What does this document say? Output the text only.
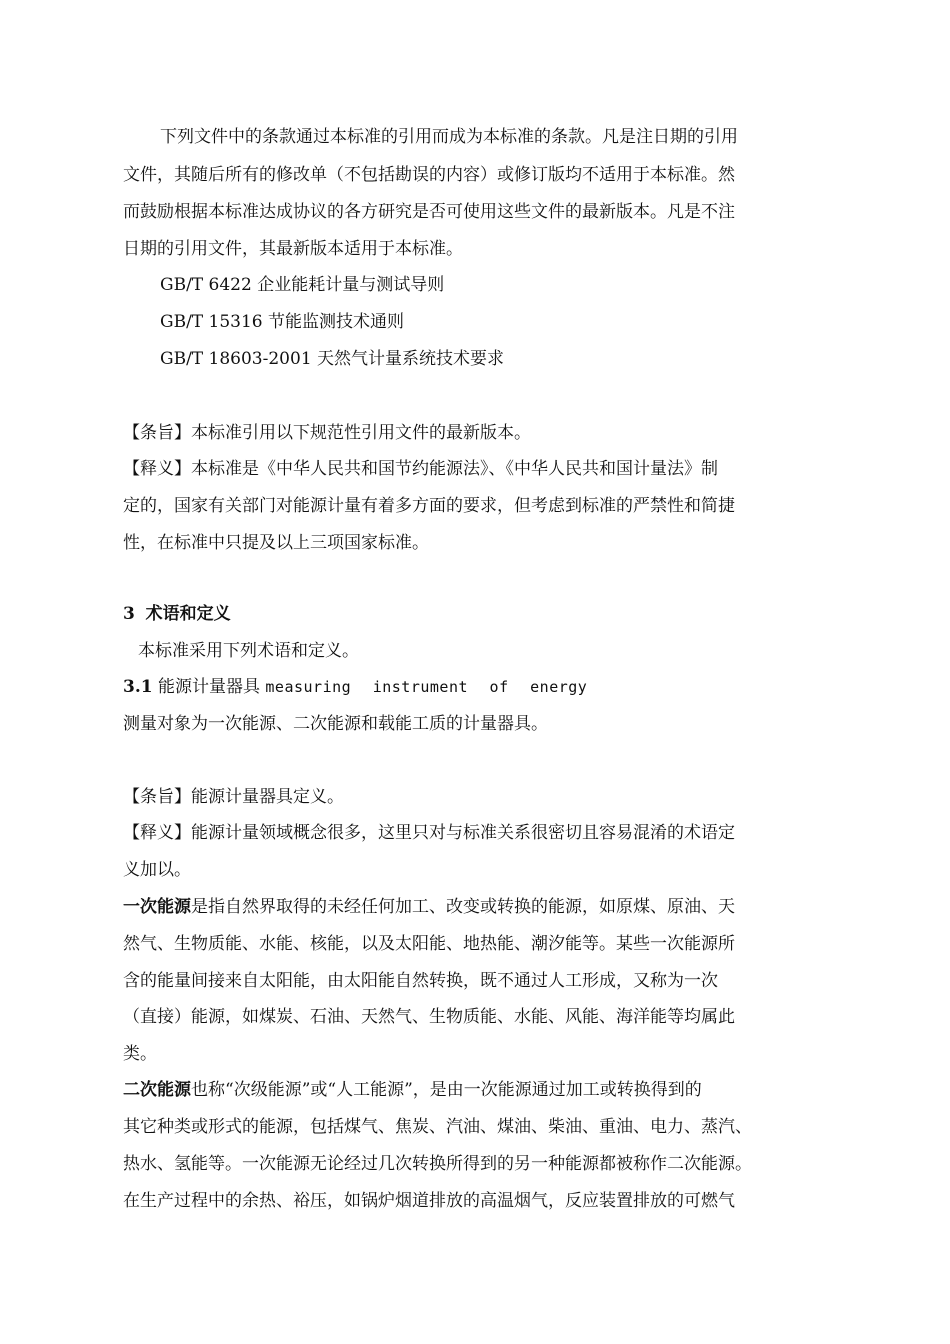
下列文件中的条款通过本标准的引用而成为本标准的条款。凡是注日期的引用
文件，其随后所有的修改单（不包括勘误的内容）或修订版均不适用于本标准。然
而鼓励根据本标准达成协议的各方研究是否可使用这些文件的最新版本。凡是不注
日期的引用文件，其最新版本适用于本标准。
GB/T 6422 企业能耗计量与测试导则
GB/T 15316 节能监测技术通则
GB/T 18603-2001 天然气计量系统技术要求
【条旨】本标准引用以下规范性引用文件的最新版本。
【释义】本标准是《中华人民共和国节约能源法》、《中华人民共和国计量法》制
定的，国家有关部门对能源计量有着多方面的要求，但考虑到标准的严禁性和简捷
性，在标准中只提及以上三项国家标准。
3 术语和定义
本标准采用下列术语和定义。
3.1 能源计量器具 measuring instrument of energy
测量对象为一次能源、二次能源和载能工质的计量器具。
【条旨】能源计量器具定义。
【释义】能源计量领域概念很多，这里只对与标准关系很密切且容易混淆的术语定
义加以。
一次能源是指自然界取得的未经任何加工、改变或转换的能源，如原煤、原油、天
然气、生物质能、水能、核能，以及太阳能、地热能、潮汐能等。某些一次能源所
含的能量间接来自太阳能，由太阳能自然转换，既不通过人工形成，又称为一次
（直接）能源，如煤炭、石油、天然气、生物质能、水能、风能、海洋能等均属此
类。
二次能源也称“次级能源”或“人工能源”，是由一次能源通过加工或转换得到的
其它种类或形式的能源，包括煤气、焦炭、汽油、煤油、柴油、重油、电力、蒸汽、
热水、氢能等。一次能源无论经过几次转换所得到的另一种能源都被称作二次能源。
在生产过程中的余热、裕压，如锅炉烟道排放的高温烟气，反应装置排放的可燃气
